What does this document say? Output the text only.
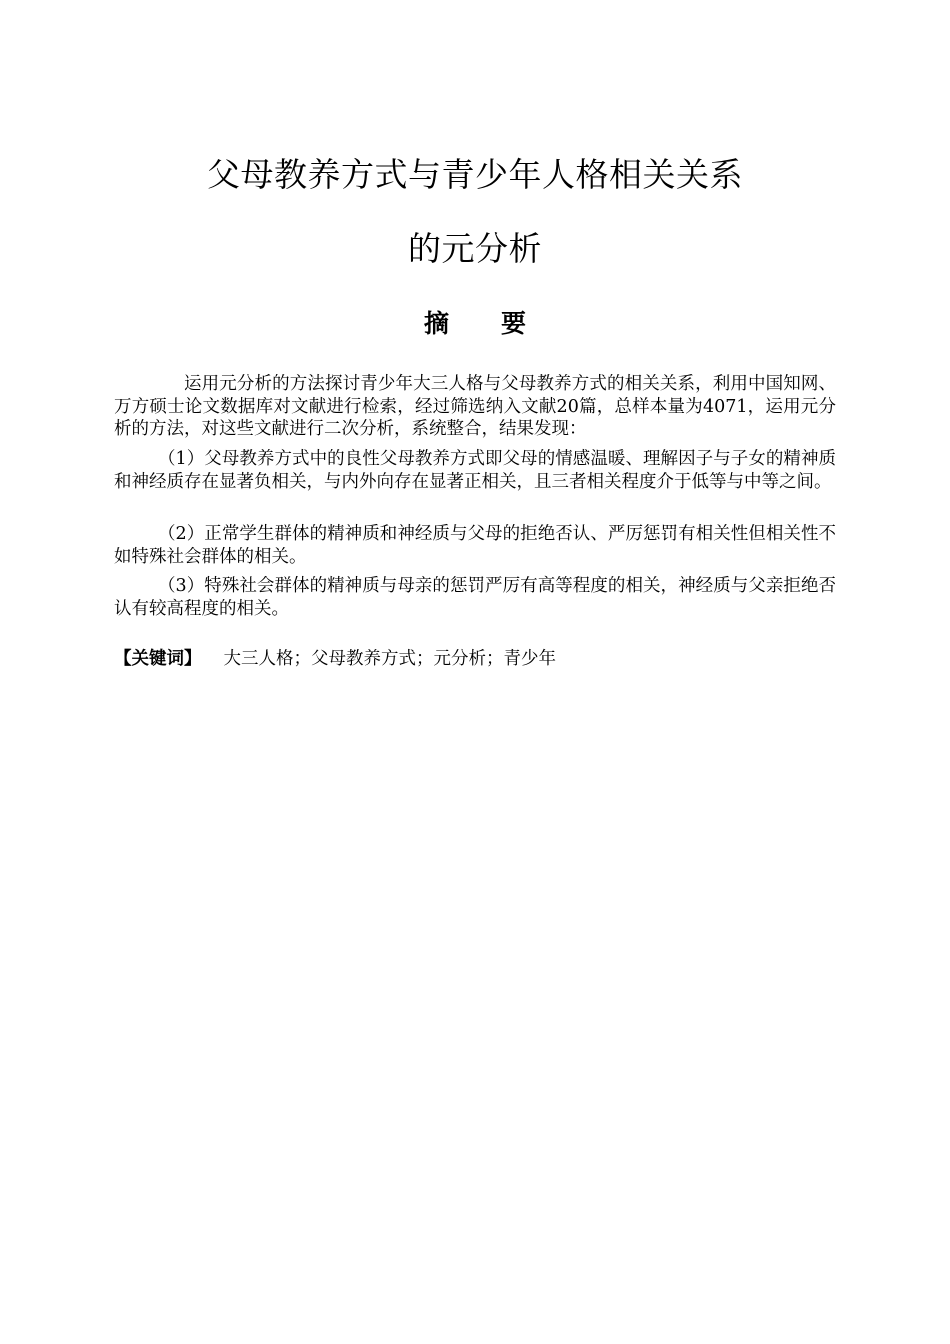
父母教养方式与青少年人格相关关系
的元分析
摘 要

运用元分析的方法探讨青少年大三人格与父母教养方式的相关关系，利用中国知网、万方硕士论文数据库对文献进行检索，经过筛选纳入文献20篇，总样本量为4071，运用元分析的方法，对这些文献进行二次分析，系统整合，结果发现：

（1）父母教养方式中的良性父母教养方式即父母的情感温暖、理解因子与子女的精神质和神经质存在显著负相关，与内外向存在显著正相关，且三者相关程度介于低等与中等之间。

（2）正常学生群体的精神质和神经质与父母的拒绝否认、严厉惩罚有相关性但相关性不如特殊社会群体的相关。

（3）特殊社会群体的精神质与母亲的惩罚严厉有高等程度的相关，神经质与父亲拒绝否认有较高程度的相关。

【关键词】 大三人格；父母教养方式；元分析；青少年
